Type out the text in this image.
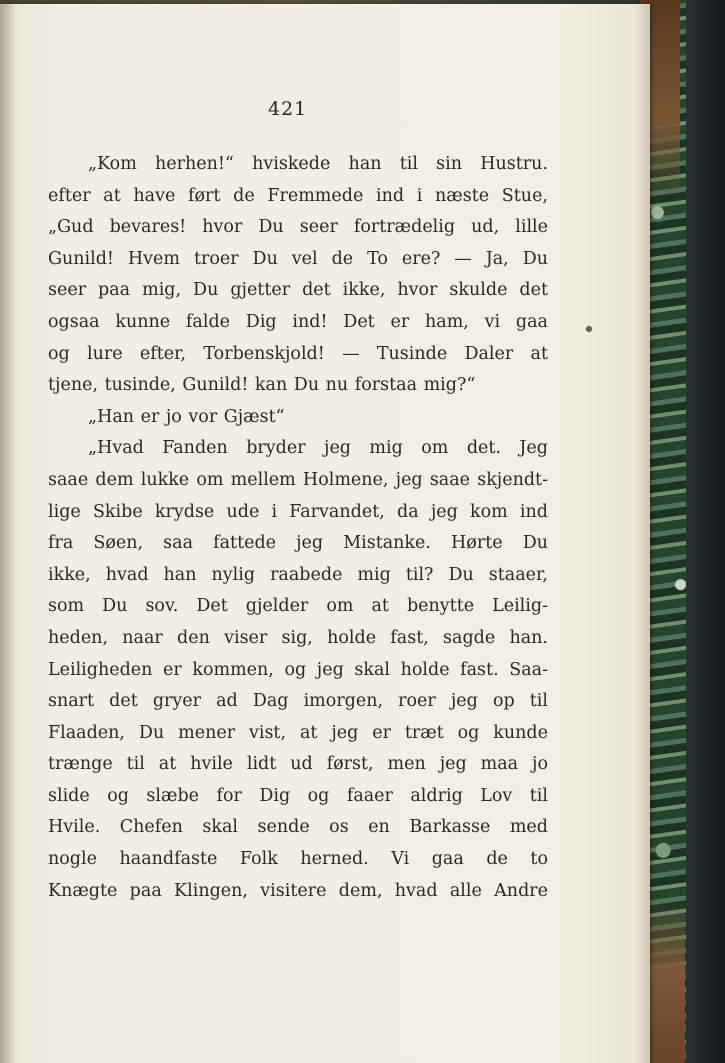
421
„Kom herhen!“ hviskede han til sin Hustru.
efter at have ført de Fremmede ind i næste Stue,
„Gud bevares! hvor Du seer fortrædelig ud, lille
Gunild! Hvem troer Du vel de To ere? — Ja, Du
seer paa mig, Du gjetter det ikke, hvor skulde det
ogsaa kunne falde Dig ind! Det er ham, vi gaa
og lure efter, Torbenskjold! — Tusinde Daler at
tjene, tusinde, Gunild! kan Du nu forstaa mig?“
„Han er jo vor Gjæst“
„Hvad Fanden bryder jeg mig om det. Jeg
saae dem lukke om mellem Holmene, jeg saae skjendt-
lige Skibe krydse ude i Farvandet, da jeg kom ind
fra Søen, saa fattede jeg Mistanke. Hørte Du
ikke, hvad han nylig raabede mig til? Du staaer,
som Du sov. Det gjelder om at benytte Leilig-
heden, naar den viser sig, holde fast, sagde han.
Leiligheden er kommen, og jeg skal holde fast. Saa-
snart det gryer ad Dag imorgen, roer jeg op til
Flaaden, Du mener vist, at jeg er træt og kunde
trænge til at hvile lidt ud først, men jeg maa jo
slide og slæbe for Dig og faaer aldrig Lov til
Hvile. Chefen skal sende os en Barkasse med
nogle haandfaste Folk herned. Vi gaa de to
Knægte paa Klingen, visitere dem, hvad alle Andre
